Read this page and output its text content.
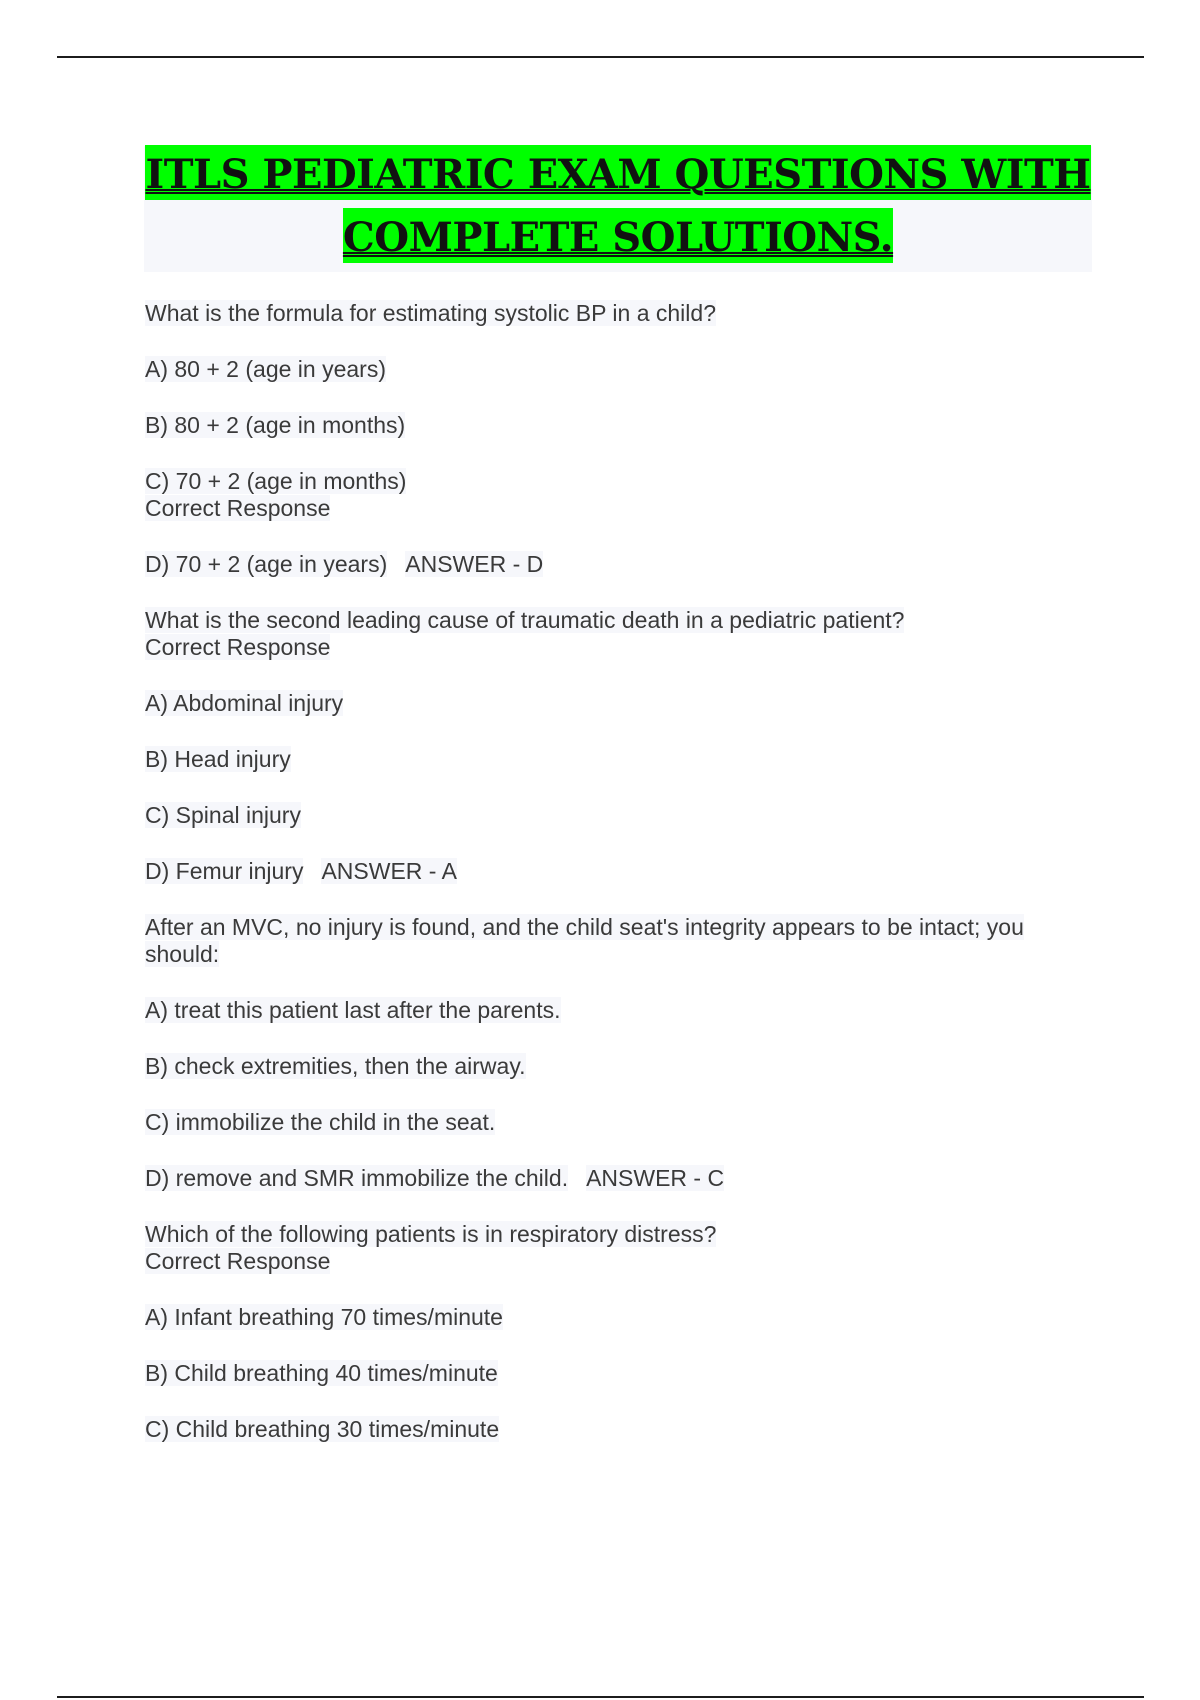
ITLS PEDIATRIC EXAM QUESTIONS WITH
COMPLETE SOLUTIONS.
What is the formula for estimating systolic BP in a child?
A) 80 + 2 (age in years)
B) 80 + 2 (age in months)
C) 70 + 2 (age in months)
Correct Response
D) 70 + 2 (age in years) ANSWER - D
What is the second leading cause of traumatic death in a pediatric patient?
Correct Response
A) Abdominal injury
B) Head injury
C) Spinal injury
D) Femur injury ANSWER - A
After an MVC, no injury is found, and the child seat's integrity appears to be intact; you
should:
A) treat this patient last after the parents.
B) check extremities, then the airway.
C) immobilize the child in the seat.
D) remove and SMR immobilize the child. ANSWER - C
Which of the following patients is in respiratory distress?
Correct Response
A) Infant breathing 70 times/minute
B) Child breathing 40 times/minute
C) Child breathing 30 times/minute
